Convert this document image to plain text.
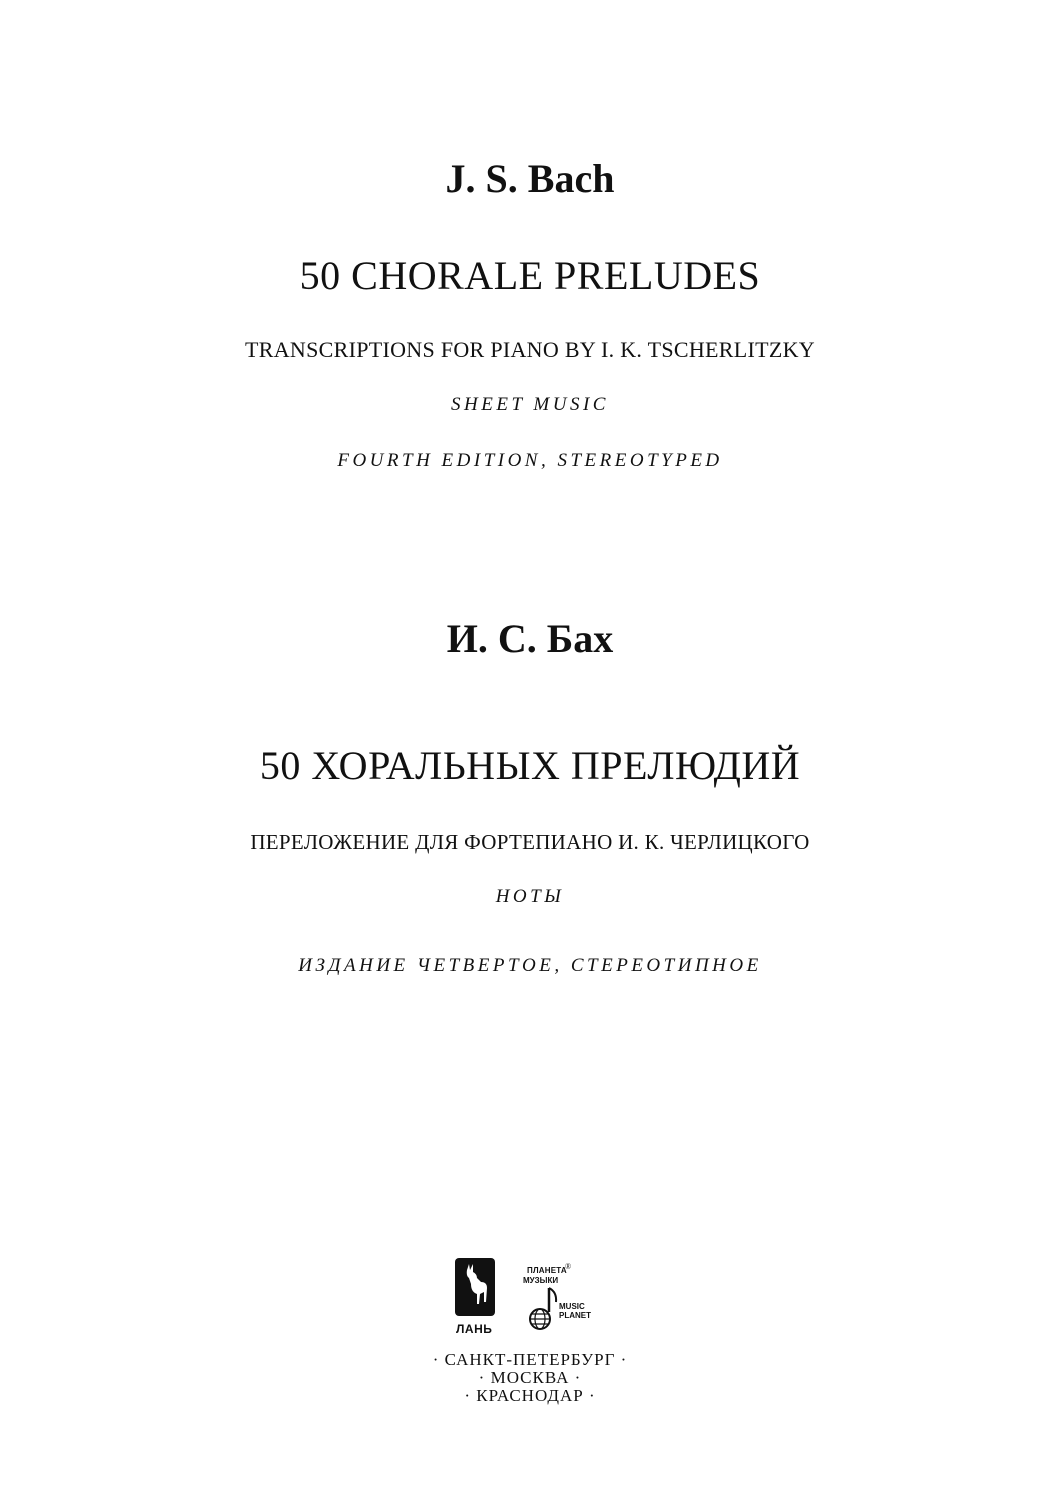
J. S. Bach
50 CHORALE PRELUDES
TRANSCRIPTIONS FOR PIANO BY I. K. TSCHERLITZKY
SHEET MUSIC
FOURTH EDITION, STEREOTYPED
И. С. Бах
50 ХОРАЛЬНЫХ ПРЕЛЮДИЙ
ПЕРЕЛОЖЕНИЕ ДЛЯ ФОРТЕПИАНО И. К. ЧЕРЛИЦКОГО
НОТЫ
ИЗДАНИЕ ЧЕТВЕРТОЕ, СТЕРЕОТИПНОЕ
ЛАНЬ
ПЛАНЕТА
®
МУЗЫКИ
MUSIC
PLANET
· САНКТ-ПЕТЕРБУРГ ·
· МОСКВА ·
· КРАСНОДАР ·
